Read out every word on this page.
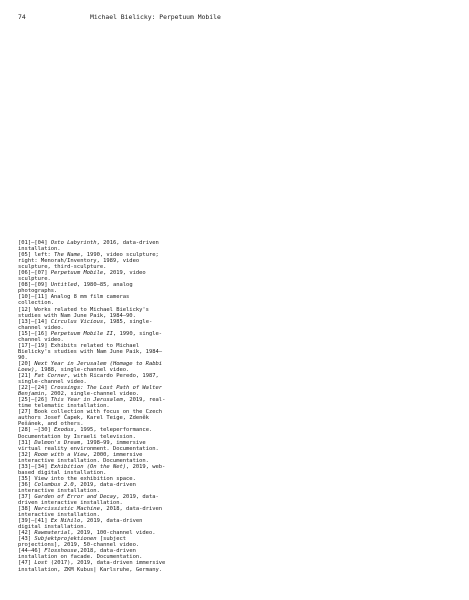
74	Michael Bielicky: Perpetuum Mobile

[01]–[04] Osto Labyrinth, 2016, data-driven installation.

[05] left: The Name, 1990, video sculpture; right: Menorah/Inventory, 1989, video sculpture, third-sculpture.

[06]–[07] Perpetuum Mobile, 2019, video sculpture.

[08]–[09] Untitled, 1980–85, analog photographs.

[10]–[11] Analog 8 mm film cameras collection.

[12] Works related to Michael Bielicky's studies with Nam June Paik, 1984–90.

[13]–[14] Circulus Vicious, 1985, single-channel video.

[15]–[16] Perpetuum Mobile II, 1990, single-channel video.

[17]–[19] Exhibits related to Michael Bielicky's studies with Nam June Paik, 1984–90.

[20] Next Year in Jerusalem (Homage to Rabbi Loew), 1988, single-channel video.

[21] Fat Corner, with Ricardo Peredo, 1987, single-channel video.

[22]–[24] Crossings: The Lost Path of Walter Benjamin, 2002, single-channel video.

[25]–[26] This Year in Jerusalem, 2019, real-time telematic installation.

[27] Book collection with focus on the Czech authors Josef Čapek, Karel Teige, Zdeněk Pešánek, and others.

[28] –[30] Exodus, 1995, teleperformance. Documentation by Israeli television.

[31] Dalmon's Dream, 1998–99, immersive virtual reality environment. Documentation.

[32] Room with a View, 2000, immersive interactive installation. Documentation.

[33]–[34] Exhibition (On the Net), 2019, web-based digital installation.

[35] View into the exhibition space.

[36] Columbus 2.0, 2019, data-driven interactive installation.

[37] Garden of Error and Decay, 2019, data-driven interactive installation.

[38] Narcissistic Machine, 2018, data-driven interactive installation.

[39]–[41] Ex Nihilo, 2019, data-driven digital installation.

[42] Rawmaterial, 2019, 100-channel video.

[43] Subjektprojektionen [subject projections], 2019, 50-channel video.

[44–46] Flosshouse,2018, data-driven installation on facade. Documentation.

[47] Lost (2017), 2019, data-driven immersive installation, ZKM Kubus| Karlsruhe, Germany.
